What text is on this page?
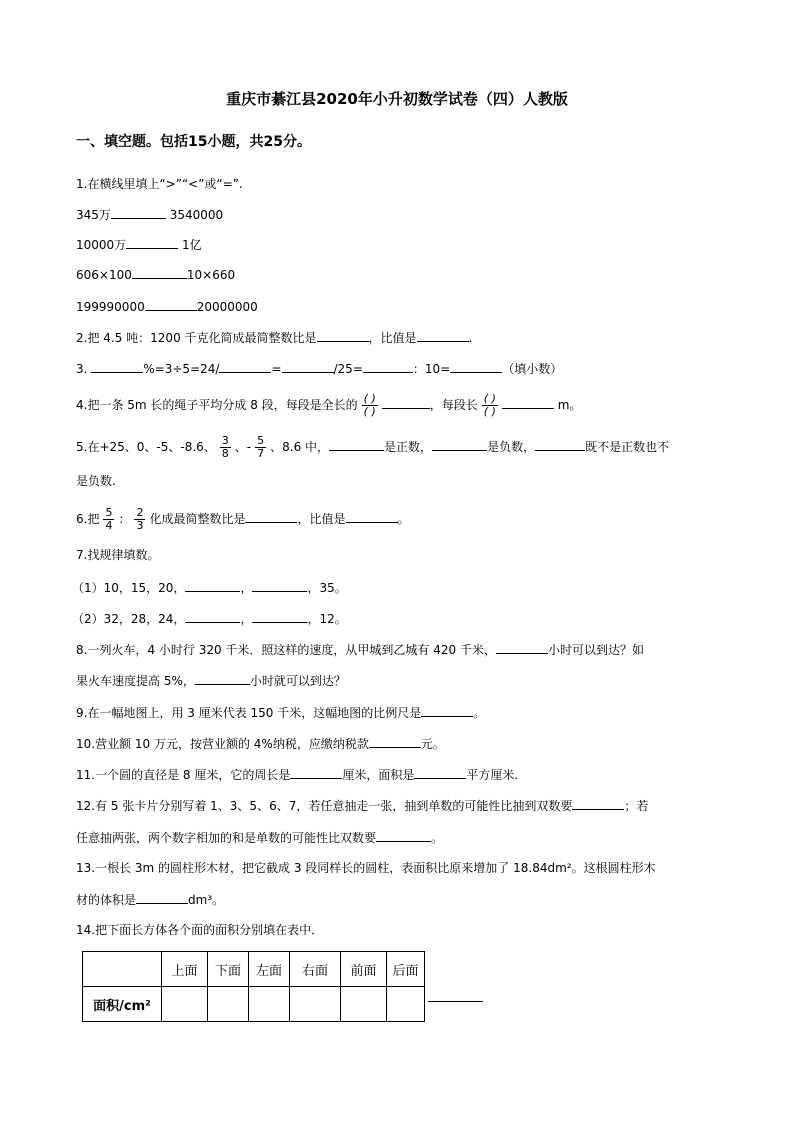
重庆市綦江县2020年小升初数学试卷（四）人教版
一、填空题。包括15小题，共25分。
1.在横线里填上“>”“<”或“=”.
345万	3540000
10000万	1亿
606×100	10×660
199990000	20000000
2.把 4.5 吨：1200 千克化简成最简整数比是	，比值是	.
3.	%=3÷5=24/	=	/25=	：10=	（填小数）
4.把一条 5m 长的绳子平均分成 8 段，每段是全长的 $\frac{( )}{( )}$	，每段长 $\frac{( )}{( )}$	m。
5.在+25、0、-5、-8.6、 $\frac{3}{8}$ 、- $\frac{5}{7}$ 、8.6 中，	是正数，	是负数，	既不是正数也不
是负数.
6.把 $\frac{5}{4}$ ： $\frac{2}{3}$ 化成最简整数比是	，比值是	。
7.找规律填数。
（1）10，15，20，	，	，35。
（2）32，28，24，	，	，12。
8.一列火车，4 小时行 320 千米．照这样的速度，从甲城到乙城有 420 千米，	小时可以到达？如
果火车速度提高 5%，	小时就可以到达？
9.在一幅地图上，用 3 厘米代表 150 千米，这幅地图的比例尺是	。
10.营业额 10 万元，按营业额的 4%纳税，应缴纳税款	元。
11.一个圆的直径是 8 厘米，它的周长是	厘米，面积是	平方厘米.
12.有 5 张卡片分别写着 1、3、5、6、7，若任意抽走一张，抽到单数的可能性比抽到双数要	；若
任意抽两张，两个数字相加的和是单数的可能性比双数要	。
13.一根长 3m 的圆柱形木材，把它截成 3 段同样长的圆柱，表面积比原来增加了 18.84dm²。这根圆柱形木
材的体积是	dm³。
14.把下面长方体各个面的面积分别填在表中．
	上面	下面	左面	右面	前面	后面
面积/cm²						
